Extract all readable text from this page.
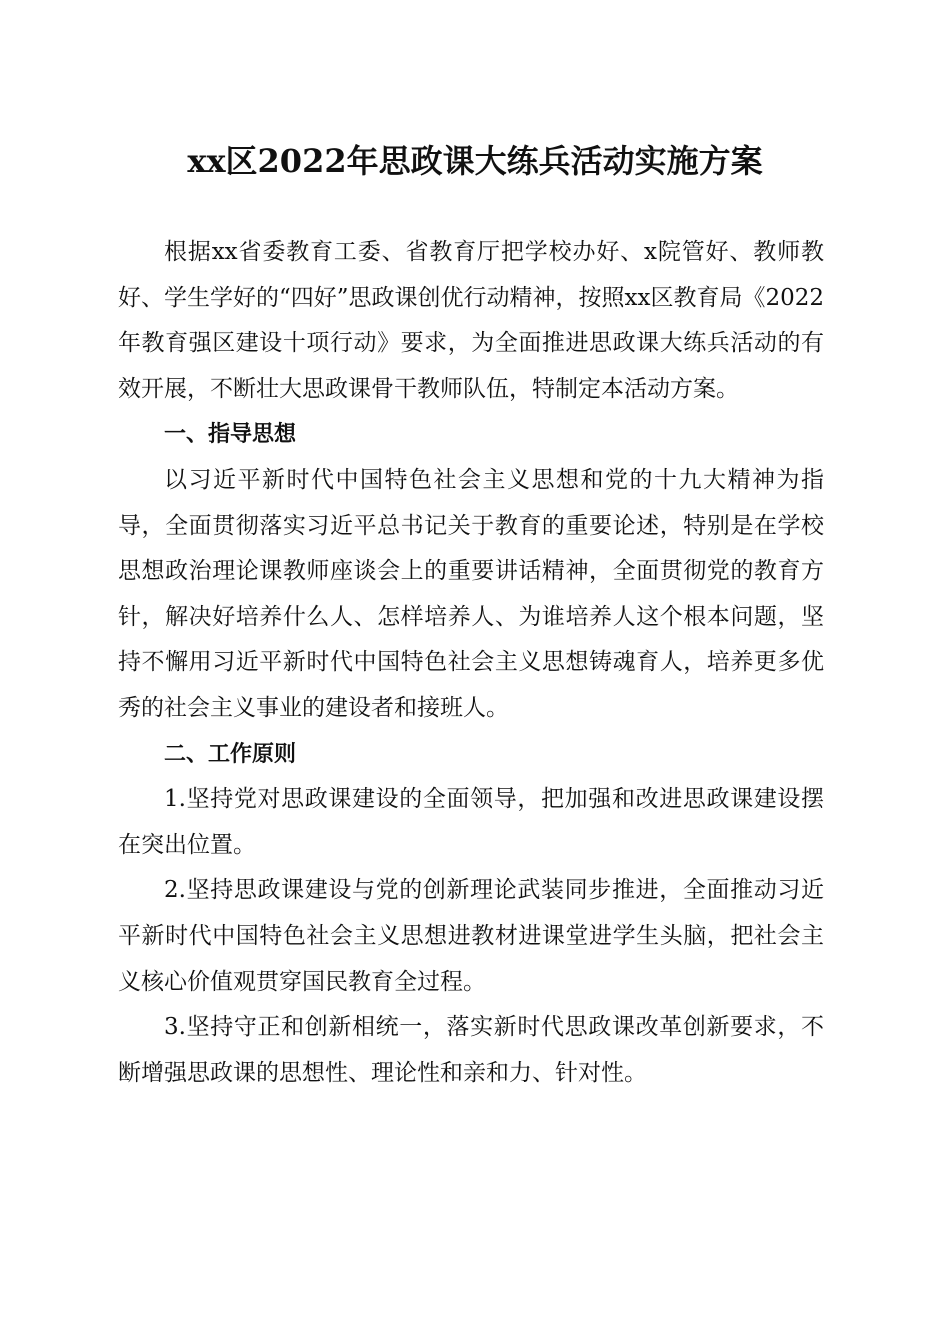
xx区2022年思政课大练兵活动实施方案

根据xx省委教育工委、省教育厅把学校办好、x院管好、教师教好、学生学好的“四好”思政课创优行动精神，按照xx区教育局《2022年教育强区建设十项行动》要求，为全面推进思政课大练兵活动的有效开展，不断壮大思政课骨干教师队伍，特制定本活动方案。

一、指导思想

以习近平新时代中国特色社会主义思想和党的十九大精神为指导，全面贯彻落实习近平总书记关于教育的重要论述，特别是在学校思想政治理论课教师座谈会上的重要讲话精神，全面贯彻党的教育方针，解决好培养什么人、怎样培养人、为谁培养人这个根本问题，坚持不懈用习近平新时代中国特色社会主义思想铸魂育人，培养更多优秀的社会主义事业的建设者和接班人。

二、工作原则

1.坚持党对思政课建设的全面领导，把加强和改进思政课建设摆在突出位置。

2.坚持思政课建设与党的创新理论武装同步推进，全面推动习近平新时代中国特色社会主义思想进教材进课堂进学生头脑，把社会主义核心价值观贯穿国民教育全过程。

3.坚持守正和创新相统一，落实新时代思政课改革创新要求，不断增强思政课的思想性、理论性和亲和力、针对性。
